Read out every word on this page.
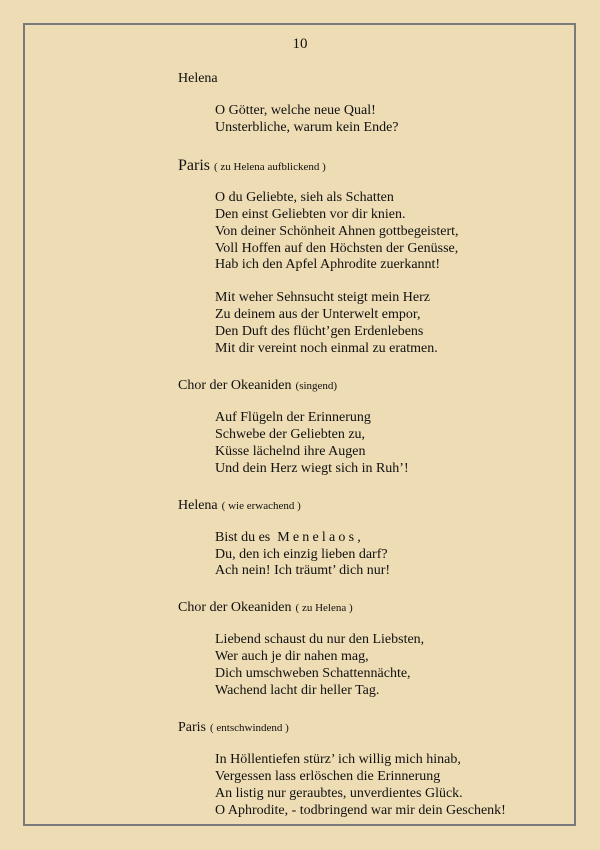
10
Helena
O Götter, welche neue Qual!
Unsterbliche, warum kein Ende?
Paris ( zu Helena aufblickend )
O du Geliebte, sieh als Schatten
Den einst Geliebten vor dir knien.
Von deiner Schönheit Ahnen gottbegeistert,
Voll Hoffen auf den Höchsten der Genüsse,
Hab ich den Apfel Aphrodite zuerkannt!
Mit weher Sehnsucht steigt mein Herz
Zu deinem aus der Unterwelt empor,
Den Duft des flücht’gen Erdenlebens
Mit dir vereint noch einmal zu eratmen.
Chor der Okeaniden (singend)
Auf Flügeln der Erinnerung
Schwebe der Geliebten zu,
Küsse lächelnd ihre Augen
Und dein Herz wiegt sich in Ruh’!
Helena ( wie erwachend )
Bist du es Menelaos,
Du, den ich einzig lieben darf?
Ach nein! Ich träumt’ dich nur!
Chor der Okeaniden ( zu Helena )
Liebend schaust du nur den Liebsten,
Wer auch je dir nahen mag,
Dich umschweben Schattennächte,
Wachend lacht dir heller Tag.
Paris ( entschwindend )
In Höllentiefen stürz’ ich willig mich hinab,
Vergessen lass erlöschen die Erinnerung
An listig nur geraubtes, unverdientes Glück.
O Aphrodite, - todbringend war mir dein Geschenk!
